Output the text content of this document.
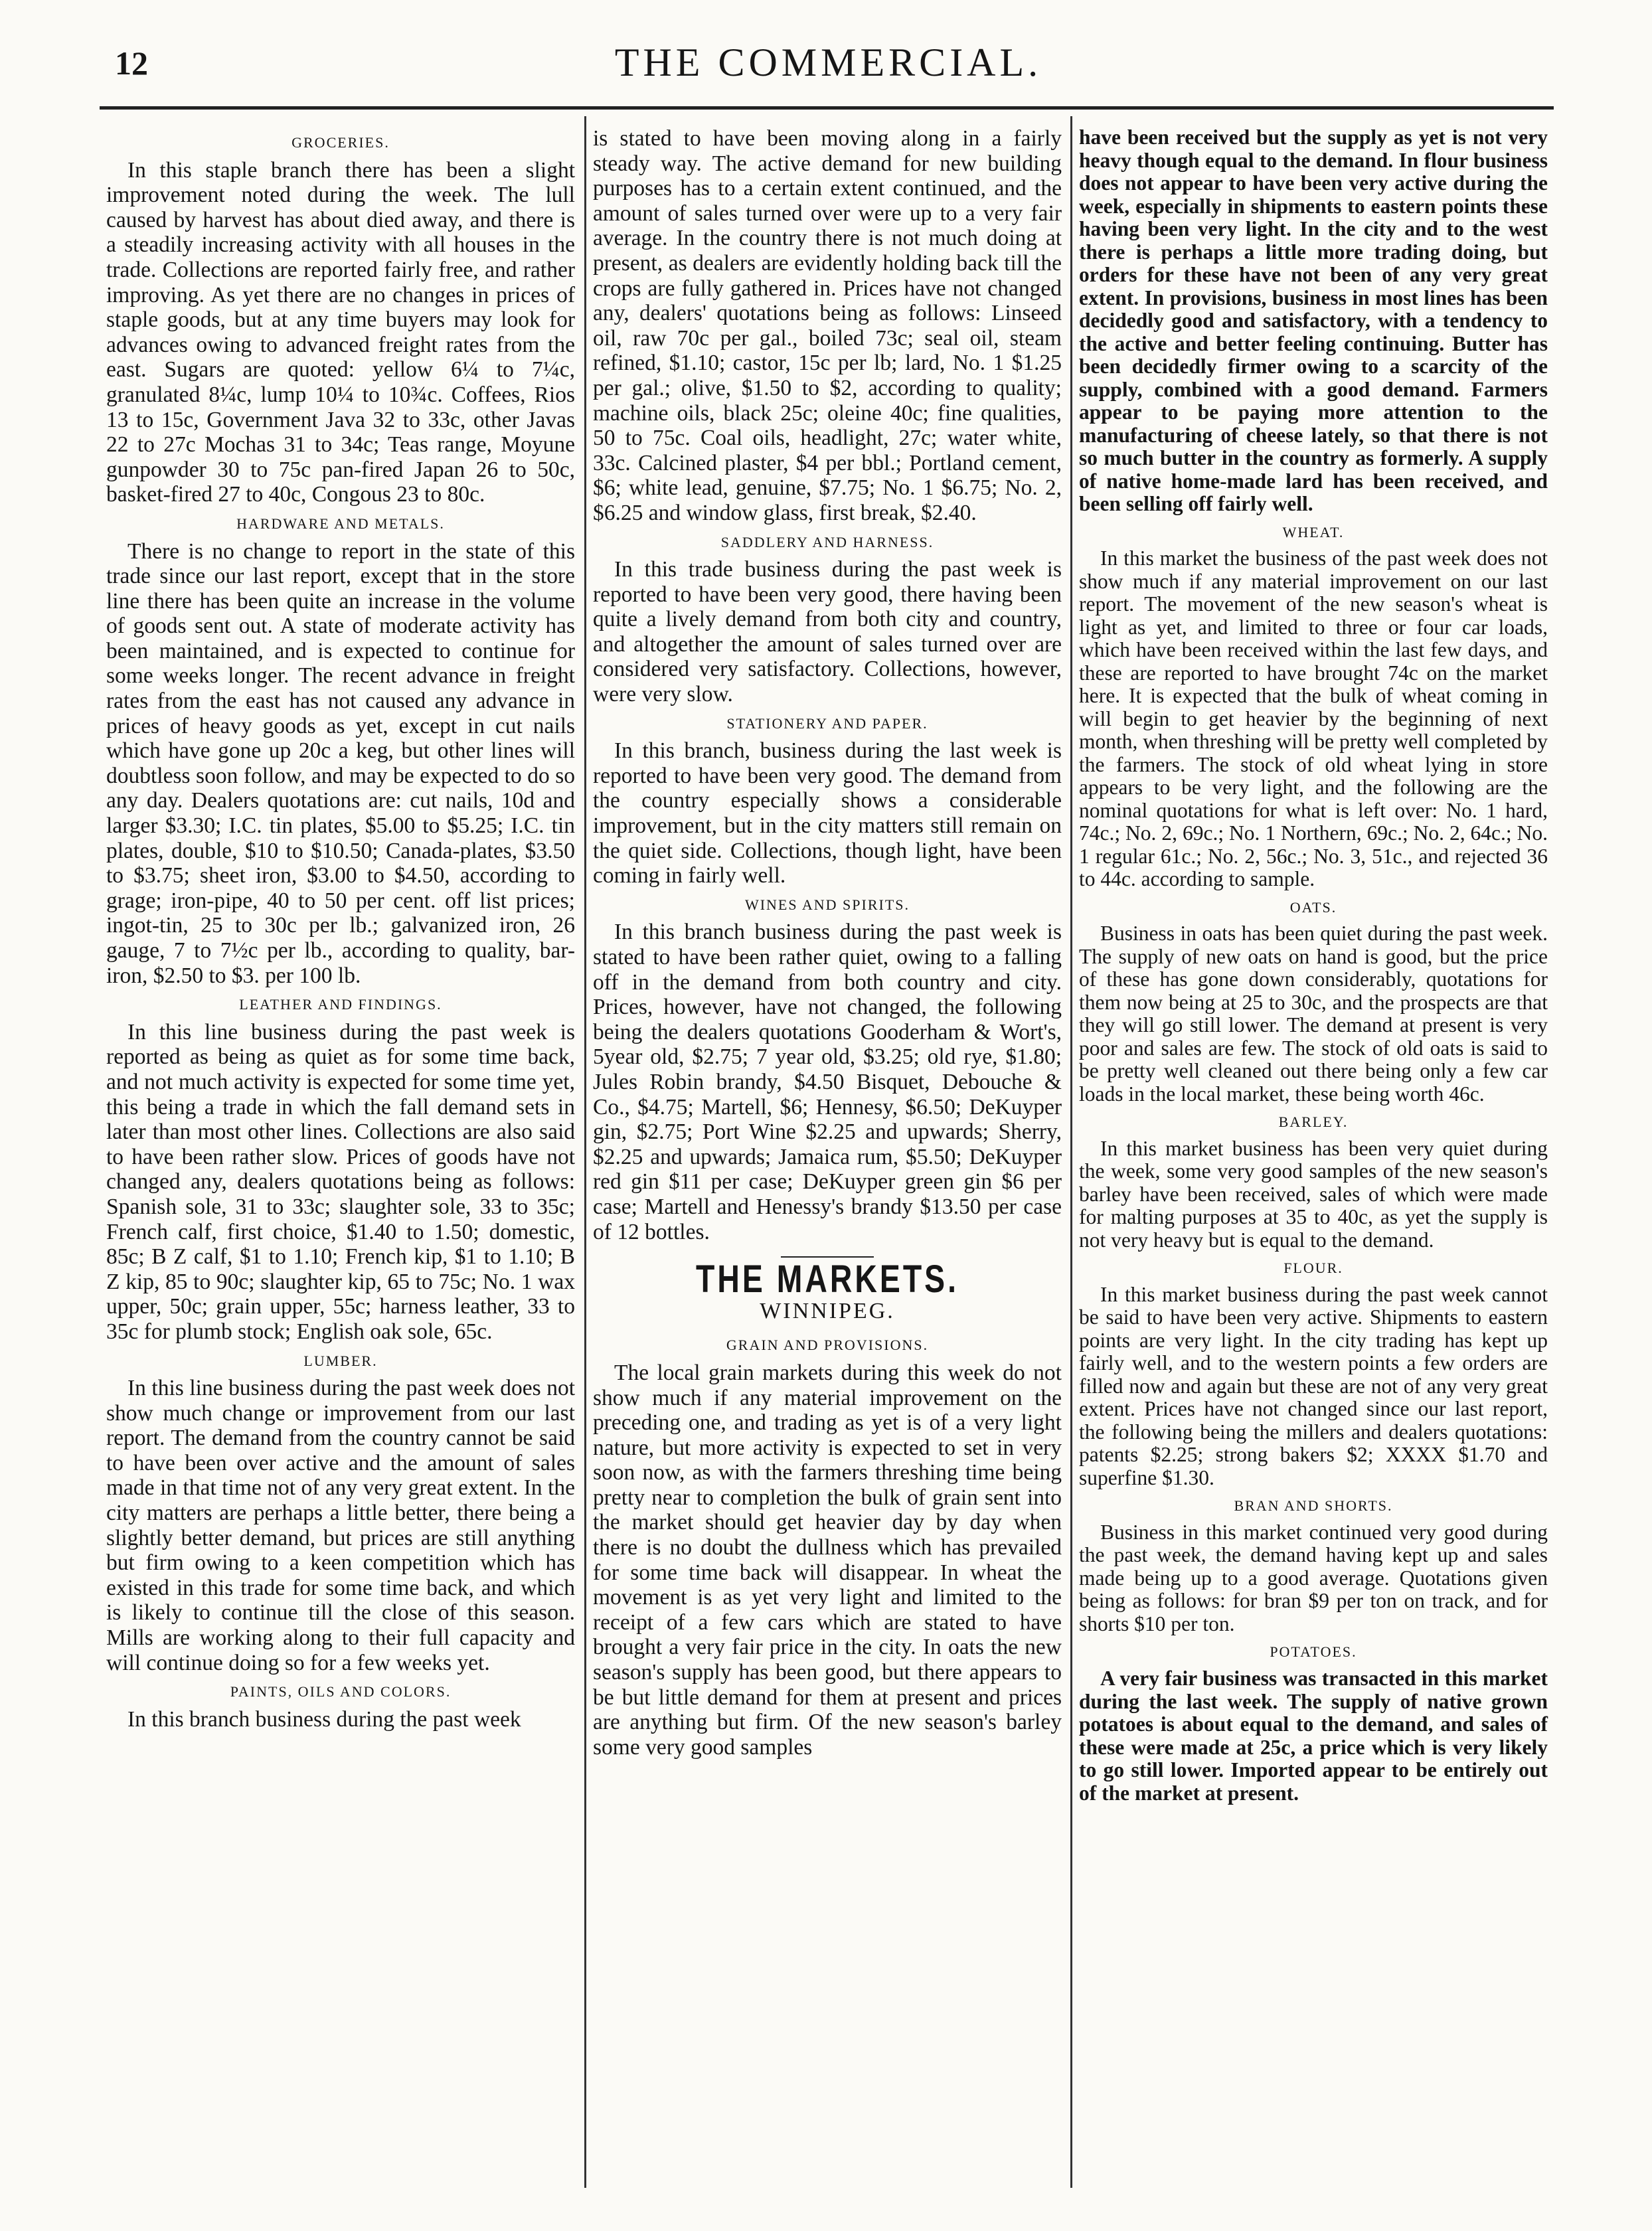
12	THE COMMERCIAL.
GROCERIES.

In this staple branch there has been a slight improvement noted during the week. The lull caused by harvest has about died away, and there is a steadily increasing activity with all houses in the trade. Collections are reported fairly free, and rather improving. As yet there are no changes in prices of staple goods, but at any time buyers may look for advances owing to advanced freight rates from the east. Sugars are quoted: yellow 6¼ to 7¼c, granulated 8¼c, lump 10¼ to 10¾c. Coffees, Rios 13 to 15c, Government Java 32 to 33c, other Javas 22 to 27c Mochas 31 to 34c; Teas range, Moyune gunpowder 30 to 75c pan-fired Japan 26 to 50c, basket-fired 27 to 40c, Congous 23 to 80c.

HARDWARE AND METALS.

There is no change to report in the state of this trade since our last report, except that in the store line there has been quite an increase in the volume of goods sent out. A state of moderate activity has been maintained, and is expected to continue for some weeks longer. The recent advance in freight rates from the east has not caused any advance in prices of heavy goods as yet, except in cut nails which have gone up 20c a keg, but other lines will doubtless soon follow, and may be expected to do so any day. Dealers quotations are: cut nails, 10d and larger $3.30; I.C. tin plates, $5.00 to $5.25; I.C. tin plates, double, $10 to $10.50; Canada-plates, $3.50 to $3.75; sheet iron, $3.00 to $4.50, according to grage; iron-pipe, 40 to 50 per cent. off list prices; ingot-tin, 25 to 30c per lb.; galvanized iron, 26 gauge, 7 to 7½c per lb., according to quality, bar-iron, $2.50 to $3. per 100 lb.

LEATHER AND FINDINGS.

In this line business during the past week is reported as being as quiet as for some time back, and not much activity is expected for some time yet, this being a trade in which the fall demand sets in later than most other lines. Collections are also said to have been rather slow. Prices of goods have not changed any, dealers quotations being as follows: Spanish sole, 31 to 33c; slaughter sole, 33 to 35c; French calf, first choice, $1.40 to 1.50; domestic, 85c; B Z calf, $1 to 1.10; French kip, $1 to 1.10; B Z kip, 85 to 90c; slaughter kip, 65 to 75c; No. 1 wax upper, 50c; grain upper, 55c; harness leather, 33 to 35c for plumb stock; English oak sole, 65c.

LUMBER.

In this line business during the past week does not show much change or improvement from our last report. The demand from the country cannot be said to have been over active and the amount of sales made in that time not of any very great extent. In the city matters are perhaps a little better, there being a slightly better demand, but prices are still anything but firm owing to a keen competition which has existed in this trade for some time back, and which is likely to continue till the close of this season. Mills are working along to their full capacity and will continue doing so for a few weeks yet.

PAINTS, OILS AND COLORS.

In this branch business during the past week

is stated to have been moving along in a fairly steady way. The active demand for new building purposes has to a certain extent continued, and the amount of sales turned over were up to a very fair average. In the country there is not much doing at present, as dealers are evidently holding back till the crops are fully gathered in. Prices have not changed any, dealers' quotations being as follows: Linseed oil, raw 70c per gal., boiled 73c; seal oil, steam refined, $1.10; castor, 15c per lb; lard, No. 1 $1.25 per gal.; olive, $1.50 to $2, according to quality; machine oils, black 25c; oleine 40c; fine qualities, 50 to 75c. Coal oils, headlight, 27c; water white, 33c. Calcined plaster, $4 per bbl.; Portland cement, $6; white lead, genuine, $7.75; No. 1 $6.75; No. 2, $6.25 and window glass, first break, $2.40.

SADDLERY AND HARNESS.

In this trade business during the past week is reported to have been very good, there having been quite a lively demand from both city and country, and altogether the amount of sales turned over are considered very satisfactory. Collections, however, were very slow.

STATIONERY AND PAPER.

In this branch, business during the last week is reported to have been very good. The demand from the country especially shows a considerable improvement, but in the city matters still remain on the quiet side. Collections, though light, have been coming in fairly well.

WINES AND SPIRITS.

In this branch business during the past week is stated to have been rather quiet, owing to a falling off in the demand from both country and city. Prices, however, have not changed, the following being the dealers quotations Gooderham & Wort's, 5year old, $2.75; 7 year old, $3.25; old rye, $1.80; Jules Robin brandy, $4.50 Bisquet, Debouche & Co., $4.75; Martell, $6; Hennesy, $6.50; DeKuyper gin, $2.75; Port Wine $2.25 and upwards; Sherry, $2.25 and upwards; Jamaica rum, $5.50; DeKuyper red gin $11 per case; DeKuyper green gin $6 per case; Martell and Henessy's brandy $13.50 per case of 12 bottles.

THE MARKETS.
WINNIPEG.
GRAIN AND PROVISIONS.

The local grain markets during this week do not show much if any material improvement on the preceding one, and trading as yet is of a very light nature, but more activity is expected to set in very soon now, as with the farmers threshing time being pretty near to completion the bulk of grain sent into the market should get heavier day by day when there is no doubt the dullness which has prevailed for some time back will disappear. In wheat the movement is as yet very light and limited to the receipt of a few cars which are stated to have brought a very fair price in the city. In oats the new season's supply has been good, but there appears to be but little demand for them at present and prices are anything but firm. Of the new season's barley some very good samples

have been received but the supply as yet is not very heavy though equal to the demand. In flour business does not appear to have been very active during the week, especially in shipments to eastern points these having been very light. In the city and to the west there is perhaps a little more trading doing, but orders for these have not been of any very great extent. In provisions, business in most lines has been decidedly good and satisfactory, with a tendency to the active and better feeling continuing. Butter has been decidedly firmer owing to a scarcity of the supply, combined with a good demand. Farmers appear to be paying more attention to the manufacturing of cheese lately, so that there is not so much butter in the country as formerly. A supply of native home-made lard has been received, and been selling off fairly well.

WHEAT.

In this market the business of the past week does not show much if any material improvement on our last report. The movement of the new season's wheat is light as yet, and limited to three or four car loads, which have been received within the last few days, and these are reported to have brought 74c on the market here. It is expected that the bulk of wheat coming in will begin to get heavier by the beginning of next month, when threshing will be pretty well completed by the farmers. The stock of old wheat lying in store appears to be very light, and the following are the nominal quotations for what is left over: No. 1 hard, 74c.; No. 2, 69c.; No. 1 Northern, 69c.; No. 2, 64c.; No. 1 regular 61c.; No. 2, 56c.; No. 3, 51c., and rejected 36 to 44c. according to sample.

OATS.

Business in oats has been quiet during the past week. The supply of new oats on hand is good, but the price of these has gone down considerably, quotations for them now being at 25 to 30c, and the prospects are that they will go still lower. The demand at present is very poor and sales are few. The stock of old oats is said to be pretty well cleaned out there being only a few car loads in the local market, these being worth 46c.

BARLEY.

In this market business has been very quiet during the week, some very good samples of the new season's barley have been received, sales of which were made for malting purposes at 35 to 40c, as yet the supply is not very heavy but is equal to the demand.

FLOUR.

In this market business during the past week cannot be said to have been very active. Shipments to eastern points are very light. In the city trading has kept up fairly well, and to the western points a few orders are filled now and again but these are not of any very great extent. Prices have not changed since our last report, the following being the millers and dealers quotations: patents $2.25; strong bakers $2; XXXX $1.70 and superfine $1.30.

BRAN AND SHORTS.

Business in this market continued very good during the past week, the demand having kept up and sales made being up to a good average. Quotations given being as follows: for bran $9 per ton on track, and for shorts $10 per ton.

POTATOES.

A very fair business was transacted in this market during the last week. The supply of native grown potatoes is about equal to the demand, and sales of these were made at 25c, a price which is very likely to go still lower. Imported appear to be entirely out of the market at present.
